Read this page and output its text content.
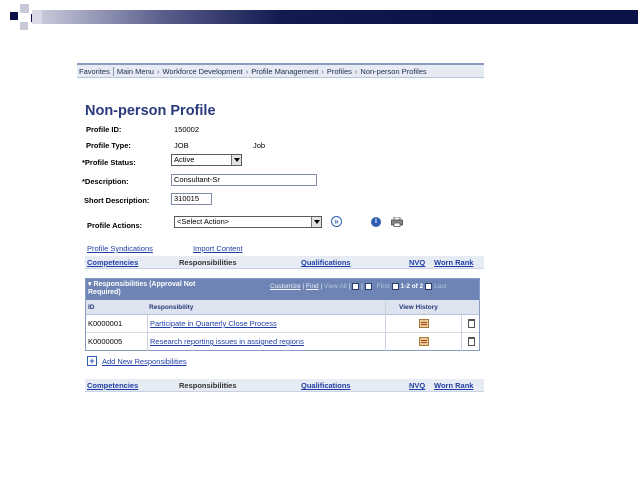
Favorites Main Menu › Workforce Development › Profile Management › Profiles › Non-person Profiles
Non-person Profile
Profile ID:	150002
Profile Type:	JOB	Job
*Profile Status:	Active
*Description:	Consultant-Sr
Short Description:	310015
Profile Actions:	<Select Action>	»	i
Profile Syndications	Import Content
Competencies	Responsibilities	Qualifications	NVQ Worn Rank
▾ Responsibilities (Approval Not
Required)
Customize | Find | View All | | First 1-2 of 2 Last
ID	Responsibility	View History
K0000001	Participate in Quarterly Close Process
K0000005	Research reporting issues in assigned regions
+ Add New Responsibilities
Competencies	Responsibilities	Qualifications	NVQ Worn Rank
